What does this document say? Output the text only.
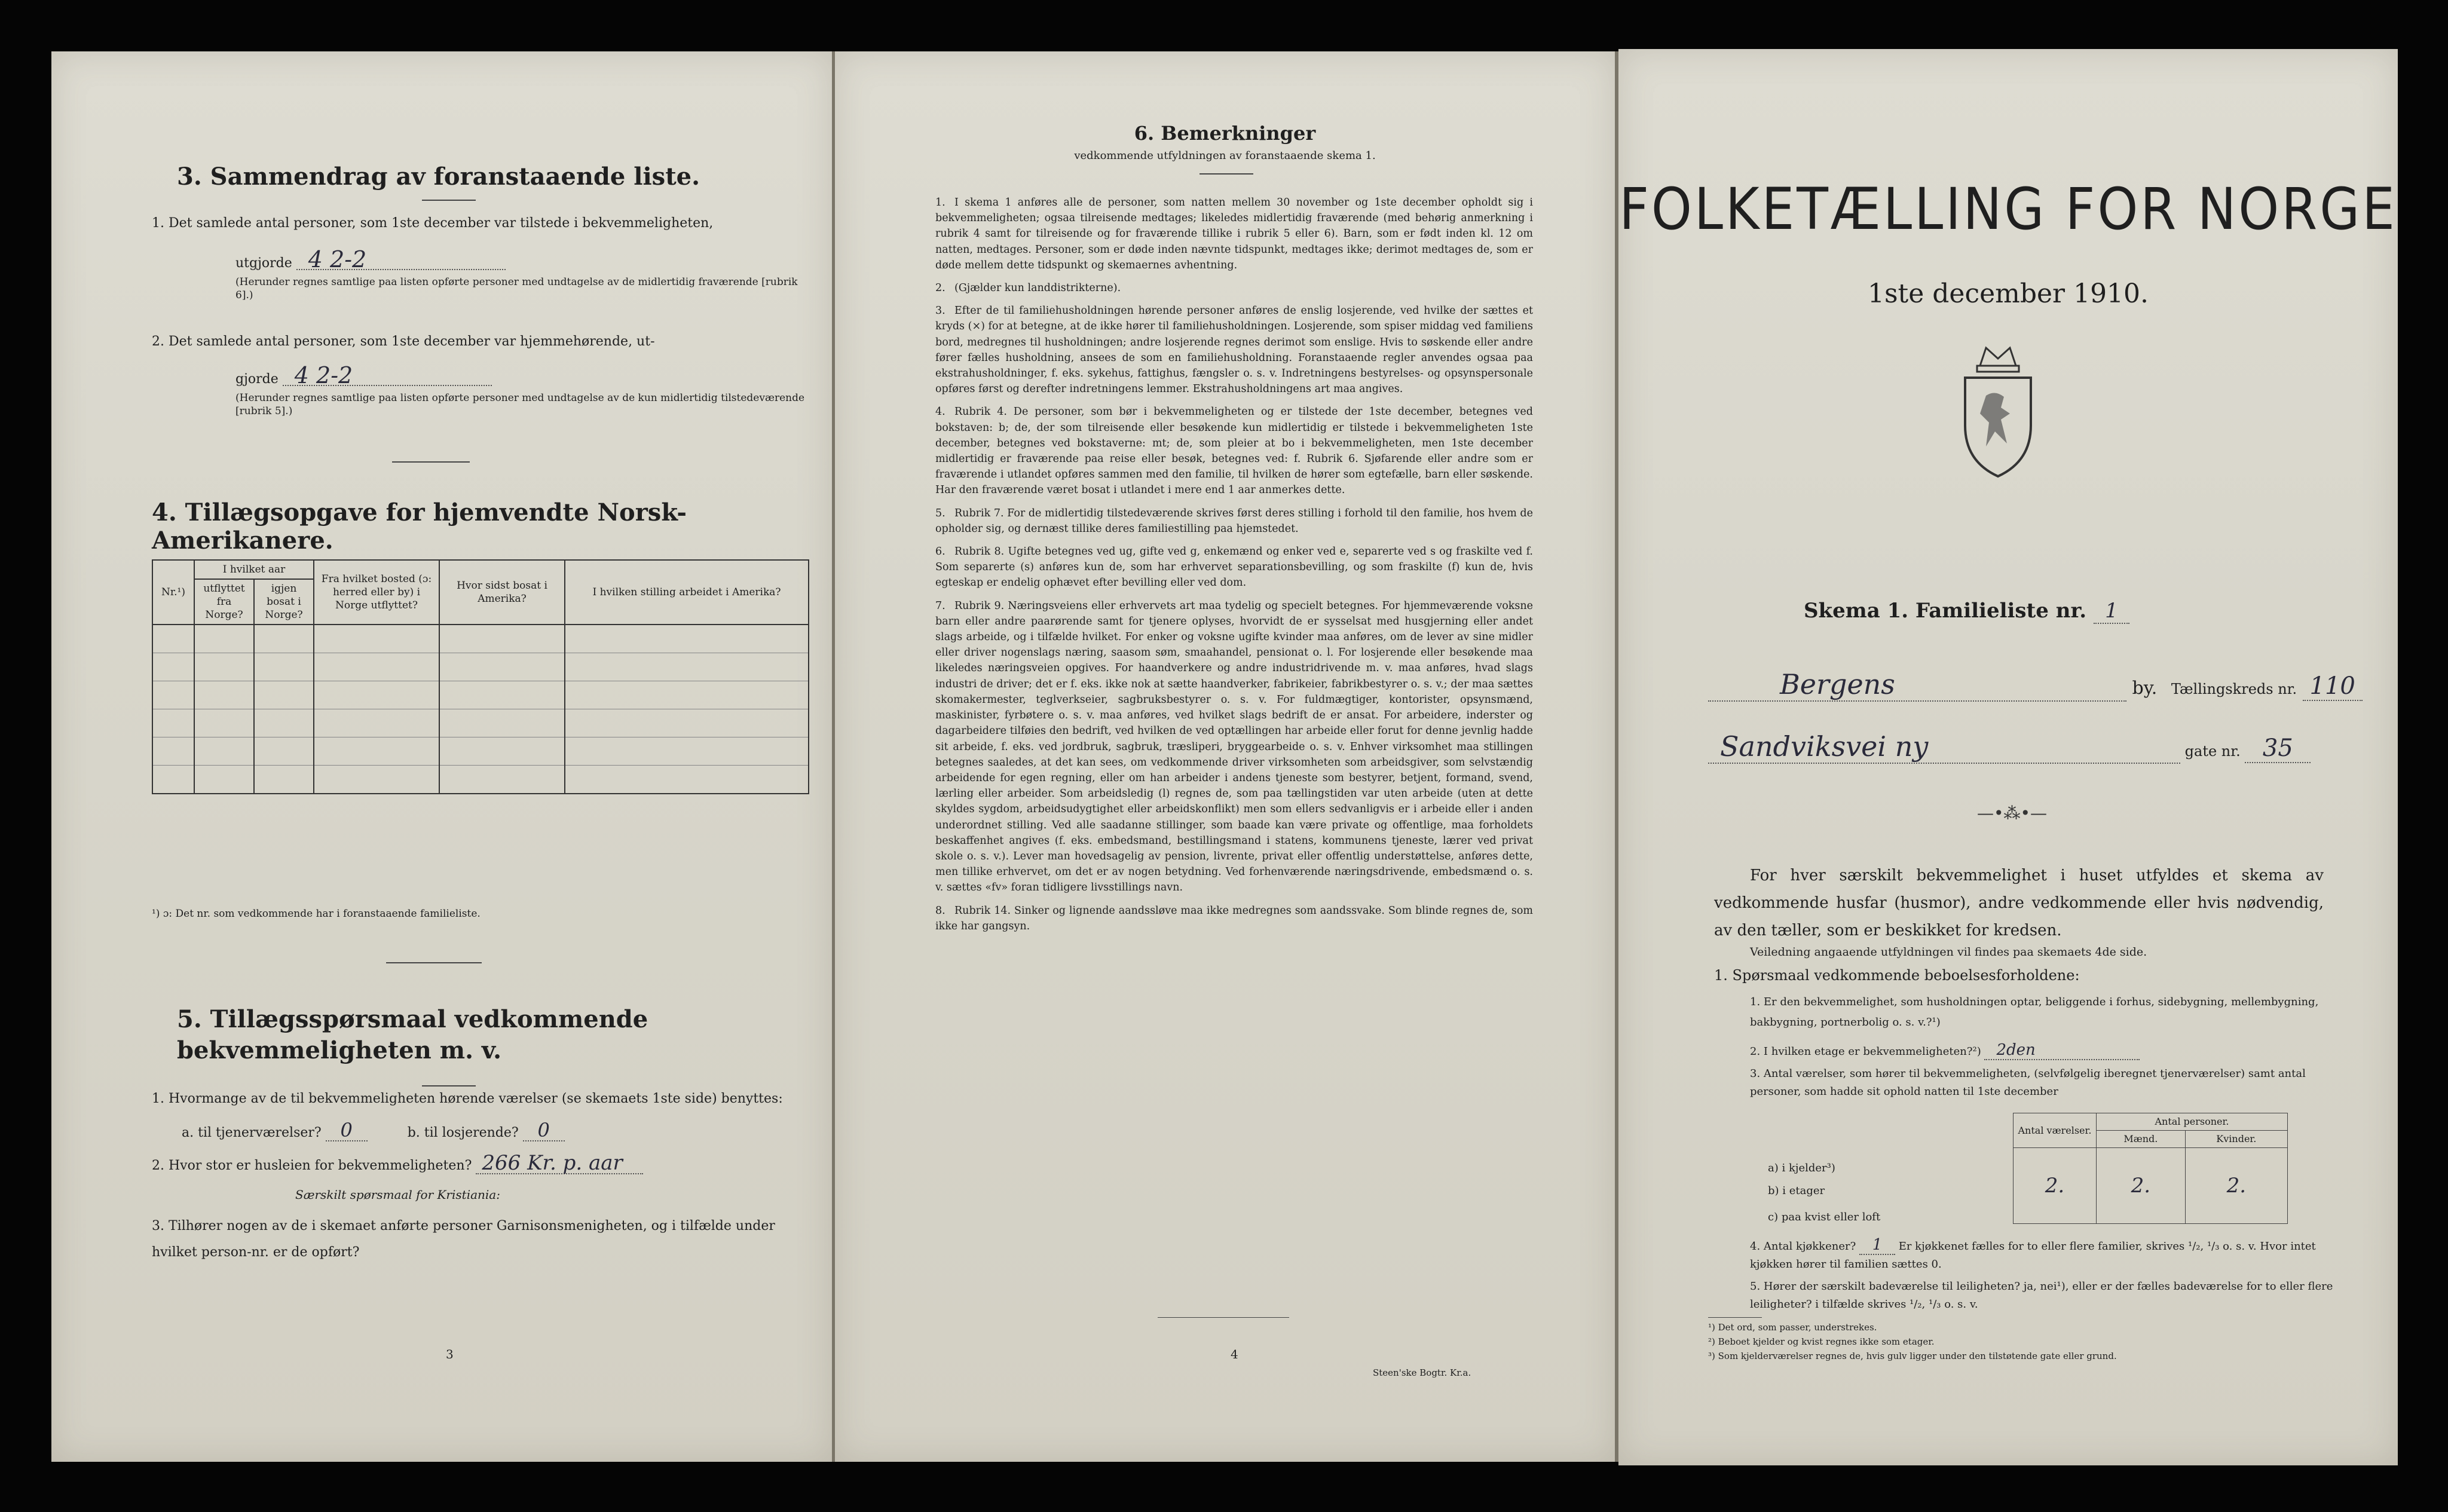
3. Sammendrag av foranstaaende liste.
1. Det samlede antal personer, som 1ste december var tilstede i bekvemmeligheten,
utgjorde 4 2-2
(Herunder regnes samtlige paa listen opførte personer med undtagelse av de midlertidig fraværende [rubrik 6].)
2. Det samlede antal personer, som 1ste december var hjemmehørende, ut-
gjorde 4 2-2
(Herunder regnes samtlige paa listen opførte personer med undtagelse av de kun midlertidig tilstedeværende [rubrik 5].)
4. Tillægsopgave for hjemvendte Norsk-Amerikanere.
Nr.¹)	I hvilket aar		Fra hvilket bosted (ɔ: herred eller by) i Norge utflyttet?	Hvor sidst bosat i Amerika?	I hvilken stilling arbeidet i Amerika?
	utflyttet fra Norge?	igjen bosat i Norge?			

¹) ɔ: Det nr. som vedkommende har i foranstaaende familieliste.
5. Tillægsspørsmaal vedkommende bekvemmeligheten m. v.
1. Hvormange av de til bekvemmeligheten hørende værelser (se skemaets 1ste side) benyttes:
a. til tjenerværelser? 0	b. til losjerende? 0
2. Hvor stor er husleien for bekvemmeligheten? 266 Kr. p. aar
Særskilt spørsmaal for Kristiania:
3. Tilhører nogen av de i skemaet anførte personer Garnisonsmenigheten, og i tilfælde under hvilket person-nr. er de opført?
3
6. Bemerkninger
vedkommende utfyldningen av foranstaaende skema 1.

1. I skema 1 anføres alle de personer, som natten mellem 30 november og 1ste december opholdt sig i bekvemmeligheten; ogsaa tilreisende medtages; likeledes midlertidig fraværende (med behørig anmerkning i rubrik 4 samt for tilreisende og for fraværende tillike i rubrik 5 eller 6). Barn, som er født inden kl. 12 om natten, medtages. Personer, som er døde inden nævnte tidspunkt, medtages ikke; derimot medtages de, som er døde mellem dette tidspunkt og skemaernes avhentning.

2. (Gjælder kun landdistrikterne).

3. Efter de til familiehusholdningen hørende personer anføres de enslig losjerende, ved hvilke der sættes et kryds (×) for at betegne, at de ikke hører til familiehusholdningen. Losjerende, som spiser middag ved familiens bord, medregnes til husholdningen; andre losjerende regnes derimot som enslige. Hvis to søskende eller andre fører fælles husholdning, ansees de som en familiehusholdning. Foranstaaende regler anvendes ogsaa paa ekstrahusholdninger, f. eks. sykehus, fattighus, fængsler o. s. v. Indretningens bestyrelses- og opsynspersonale opføres først og derefter indretningens lemmer. Ekstrahusholdningens art maa angives.

4. Rubrik 4. De personer, som bør i bekvemmeligheten og er tilstede der 1ste december, betegnes ved bokstaven: b; de, der som tilreisende eller besøkende kun midlertidig er tilstede i bekvemmeligheten 1ste december, betegnes ved bokstaverne: mt; de, som pleier at bo i bekvemmeligheten, men 1ste december midlertidig er fraværende paa reise eller besøk, betegnes ved: f. Rubrik 6. Sjøfarende eller andre som er fraværende i utlandet opføres sammen med den familie, til hvilken de hører som egtefælle, barn eller søskende. Har den fraværende været bosat i utlandet i mere end 1 aar anmerkes dette.

5. Rubrik 7. For de midlertidig tilstedeværende skrives først deres stilling i forhold til den familie, hos hvem de opholder sig, og dernæst tillike deres familiestilling paa hjemstedet.

6. Rubrik 8. Ugifte betegnes ved ug, gifte ved g, enkemænd og enker ved e, separerte ved s og fraskilte ved f. Som separerte (s) anføres kun de, som har erhvervet separationsbevilling, og som fraskilte (f) kun de, hvis egteskap er endelig ophævet efter bevilling eller ved dom.

7. Rubrik 9. Næringsveiens eller erhvervets art maa tydelig og specielt betegnes. For hjemmeværende voksne barn eller andre paarørende samt for tjenere oplyses, hvorvidt de er sysselsat med husgjerning eller andet slags arbeide, og i tilfælde hvilket. For enker og voksne ugifte kvinder maa anføres, om de lever av sine midler eller driver nogenslags næring, saasom søm, smaahandel, pensionat o. l. For losjerende eller besøkende maa likeledes næringsveien opgives. For haandverkere og andre industridrivende m. v. maa anføres, hvad slags industri de driver; det er f. eks. ikke nok at sætte haandverker, fabrikeier, fabrikbestyrer o. s. v.; der maa sættes skomakermester, teglverkseier, sagbruksbestyrer o. s. v. For fuldmægtiger, kontorister, opsynsmænd, maskinister, fyrbøtere o. s. v. maa anføres, ved hvilket slags bedrift de er ansat. For arbeidere, inderster og dagarbeidere tilføies den bedrift, ved hvilken de ved optællingen har arbeide eller forut for denne jevnlig hadde sit arbeide, f. eks. ved jordbruk, sagbruk, træsliperi, bryggearbeide o. s. v. Enhver virksomhet maa stillingen betegnes saaledes, at det kan sees, om vedkommende driver virksomheten som arbeidsgiver, som selvstændig arbeidende for egen regning, eller om han arbeider i andens tjeneste som bestyrer, betjent, formand, svend, lærling eller arbeider. Som arbeidsledig (l) regnes de, som paa tællingstiden var uten arbeide (uten at dette skyldes sygdom, arbeidsudygtighet eller arbeidskonflikt) men som ellers sedvanligvis er i arbeide eller i anden underordnet stilling. Ved alle saadanne stillinger, som baade kan være private og offentlige, maa forholdets beskaffenhet angives (f. eks. embedsmand, bestillingsmand i statens, kommunens tjeneste, lærer ved privat skole o. s. v.). Lever man hovedsagelig av pension, livrente, privat eller offentlig understøttelse, anføres dette, men tillike erhvervet, om det er av nogen betydning. Ved forhenværende næringsdrivende, embedsmænd o. s. v. sættes «fv» foran tidligere livsstillings navn.

8. Rubrik 14. Sinker og lignende aandssløve maa ikke medregnes som aandssvake. Som blinde regnes de, som ikke har gangsyn.

4
Steen'ske Bogtr. Kr.a.
FOLKETÆLLING FOR NORGE
1ste december 1910.
Skema 1. Familieliste nr. 1
Bergens	by. Tællingskreds nr. 110
Sandviksvei ny	gate nr. 35
—•⁂•—
For hver særskilt bekvemmelighet i huset utfyldes et skema av vedkommende husfar (husmor), andre vedkommende eller hvis nødvendig, av den tæller, som er beskikket for kredsen.
Veiledning angaaende utfyldningen vil findes paa skemaets 4de side.
1. Spørsmaal vedkommende beboelsesforholdene:
1. Er den bekvemmelighet, som husholdningen optar, beliggende i forhus, sidebygning, mellembygning, bakbygning, portnerbolig o. s. v.?¹)
2. I hvilken etage er bekvemmeligheten?²) 2den
3. Antal værelser, som hører til bekvemmeligheten, (selvfølgelig iberegnet tjenerværelser) samt antal personer, som hadde sit ophold natten til 1ste december
Antal værelser.	Antal personer.	
	Mænd.	Kvinder.

2.	2.	2.

a) i kjelder³)
b) i etager
c) paa kvist eller loft
4. Antal kjøkkener? 1 Er kjøkkenet fælles for to eller flere familier, skrives ¹/₂, ¹/₃ o. s. v. Hvor intet kjøkken hører til familien sættes 0.
5. Hører der særskilt badeværelse til leiligheten? ja, nei¹), eller er der fælles badeværelse for to eller flere leiligheter? i tilfælde skrives ¹/₂, ¹/₃ o. s. v.
¹) Det ord, som passer, understrekes.
²) Beboet kjelder og kvist regnes ikke som etager.
³) Som kjelderværelser regnes de, hvis gulv ligger under den tilstøtende gate eller grund.
